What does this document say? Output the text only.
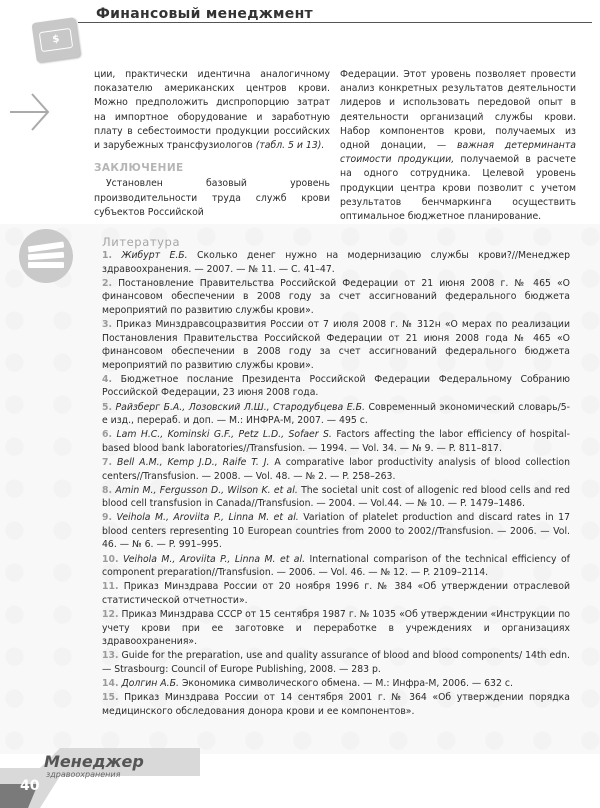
Финансовый менеджмент
$

ции, практически идентична аналогичному показателю американских центров крови. Можно предположить диспропорцию затрат на импортное оборудование и заработную плату в себестоимости продукции российских и зарубежных трансфузиологов (табл. 5 и 13).

ЗАКЛЮЧЕНИЕ

Установлен базовый уровень производительности труда служб крови субъектов Российской

Федерации. Этот уровень позволяет провести анализ конкретных результатов деятельности лидеров и использовать передовой опыт в деятельности организаций службы крови. Набор компонентов крови, получаемых из одной донации, — важная детерминанта стоимости продукции, получаемой в расчете на одного сотрудника. Целевой уровень продукции центра крови позволит с учетом результатов бенчмаркинга осуществить оптимальное бюджетное планирование.

Литература

1. Жибурт Е.Б. Сколько денег нужно на модернизацию службы крови?//Менеджер здравоохранения. — 2007. — № 11. — С. 41–47.

2. Постановление Правительства Российской Федерации от 21 июня 2008 г. № 465 «О финансовом обеспечении в 2008 году за счет ассигнований федерального бюджета мероприятий по развитию службы крови».

3. Приказ Минздравсоцразвития России от 7 июля 2008 г. № 312н «О мерах по реализации Постановления Правительства Российской Федерации от 21 июня 2008 года № 465 «О финансовом обеспечении в 2008 году за счет ассигнований федерального бюджета мероприятий по развитию службы крови».

4. Бюджетное послание Президента Российской Федерации Федеральному Собранию Российской Федерации, 23 июня 2008 года.

5. Райзберг Б.А., Лозовский Л.Ш., Стародубцева Е.Б. Современный экономический словарь/5-е изд., перераб. и доп. — М.: ИНФРА-М, 2007. — 495 с.

6. Lam H.C., Kominski G.F., Petz L.D., Sofaer S. Factors affecting the labor efficiency of hospital-based blood bank laboratories//Transfusion. — 1994. — Vol. 34. — № 9. — P. 811–817.

7. Bell A.M., Kemp J.D., Raife T. J. A comparative labor productivity analysis of blood collection centers//Transfusion. — 2008. — Vol. 48. — № 2. — P. 258–263.

8. Amin M., Fergusson D., Wilson K. et al. The societal unit cost of allogenic red blood cells and red blood cell transfusion in Canada//Transfusion. — 2004. — Vol.44. — № 10. — P. 1479–1486.

9. Veihola M., Aroviita P., Linna M. et al. Variation of platelet production and discard rates in 17 blood centers representing 10 European countries from 2000 to 2002//Transfusion. — 2006. — Vol. 46. — № 6. — P. 991–995.

10. Veihola M., Aroviita P., Linna M. et al. International comparison of the technical efficiency of component preparation//Transfusion. — 2006. — Vol. 46. — № 12. — P. 2109–2114.

11. Приказ Минздрава России от 20 ноября 1996 г. № 384 «Об утверждении отраслевой статистической отчетности».

12. Приказ Минздрава СССР от 15 сентября 1987 г. № 1035 «Об утверждении «Инструкции по учету крови при ее заготовке и переработке в учреждениях и организациях здравоохранения».

13. Guide for the preparation, use and quality assurance of blood and blood components/ 14th edn. — Strasbourg: Council of Europe Publishing, 2008. — 283 p.

14. Долгин А.Б. Экономика символического обмена. — М.: Инфра-М, 2006. — 632 с.

15. Приказ Минздрава России от 14 сентября 2001 г. № 364 «Об утверждении порядка медицинского обследования донора крови и ее компонентов».

Менеджер
здравоохранения
40
